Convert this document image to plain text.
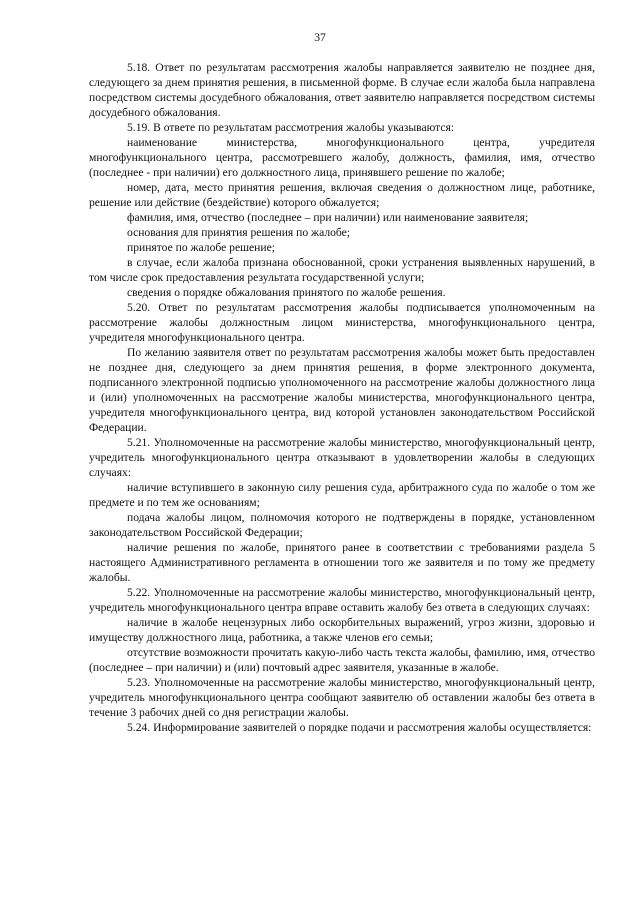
37

5.18. Ответ по результатам рассмотрения жалобы направляется заявителю не позднее дня, следующего за днем принятия решения, в письменной форме. В случае если жалоба была направлена посредством системы досудебного обжалования, ответ заявителю направляется посредством системы досудебного обжалования.

5.19. В ответе по результатам рассмотрения жалобы указываются:

наименование министерства, многофункционального центра, учредителя многофункционального центра, рассмотревшего жалобу, должность, фамилия, имя, отчество (последнее - при наличии) его должностного лица, принявшего решение по жалобе;

номер, дата, место принятия решения, включая сведения о должностном лице, работнике, решение или действие (бездействие) которого обжалуется;

фамилия, имя, отчество (последнее – при наличии) или наименование заявителя;

основания для принятия решения по жалобе;

принятое по жалобе решение;

в случае, если жалоба признана обоснованной, сроки устранения выявленных нарушений, в том числе срок предоставления результата государственной услуги;

сведения о порядке обжалования принятого по жалобе решения.

5.20. Ответ по результатам рассмотрения жалобы подписывается уполномоченным на рассмотрение жалобы должностным лицом министерства, многофункционального центра, учредителя многофункционального центра.

По желанию заявителя ответ по результатам рассмотрения жалобы может быть предоставлен не позднее дня, следующего за днем принятия решения, в форме электронного документа, подписанного электронной подписью уполномоченного на рассмотрение жалобы должностного лица и (или) уполномоченных на рассмотрение жалобы министерства, многофункционального центра, учредителя многофункционального центра, вид которой установлен законодательством Российской Федерации.

5.21. Уполномоченные на рассмотрение жалобы министерство, многофункциональный центр, учредитель многофункционального центра отказывают в удовлетворении жалобы в следующих случаях:

наличие вступившего в законную силу решения суда, арбитражного суда по жалобе о том же предмете и по тем же основаниям;

подача жалобы лицом, полномочия которого не подтверждены в порядке, установленном законодательством Российской Федерации;

наличие решения по жалобе, принятого ранее в соответствии с требованиями раздела 5 настоящего Административного регламента в отношении того же заявителя и по тому же предмету жалобы.

5.22. Уполномоченные на рассмотрение жалобы министерство, многофункциональный центр, учредитель многофункционального центра вправе оставить жалобу без ответа в следующих случаях:

наличие в жалобе нецензурных либо оскорбительных выражений, угроз жизни, здоровью и имуществу должностного лица, работника, а также членов его семьи;

отсутствие возможности прочитать какую-либо часть текста жалобы, фамилию, имя, отчество (последнее – при наличии) и (или) почтовый адрес заявителя, указанные в жалобе.

5.23. Уполномоченные на рассмотрение жалобы министерство, многофункциональный центр, учредитель многофункционального центра сообщают заявителю об оставлении жалобы без ответа в течение 3 рабочих дней со дня регистрации жалобы.

5.24. Информирование заявителей о порядке подачи и рассмотрения жалобы осуществляется:
